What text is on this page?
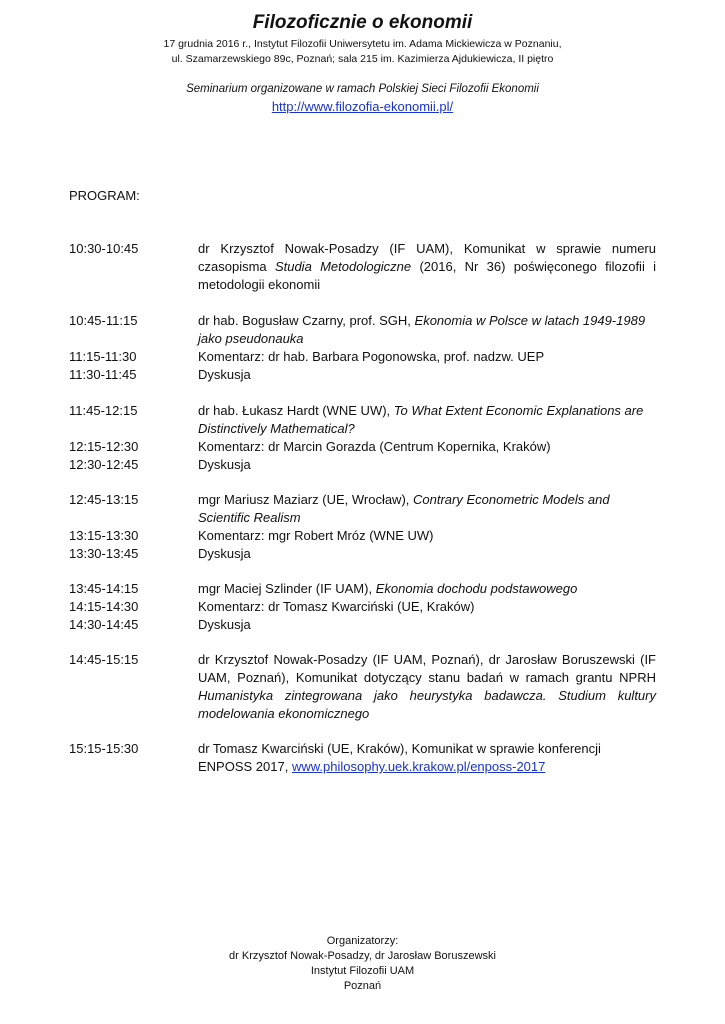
Filozoficznie o ekonomii
17 grudnia 2016 r., Instytut Filozofii Uniwersytetu im. Adama Mickiewicza w Poznaniu,
ul. Szamarzewskiego 89c, Poznań; sala 215 im. Kazimierza Ajdukiewicza, II piętro
Seminarium organizowane w ramach Polskiej Sieci Filozofii Ekonomii
http://www.filozofia-ekonomii.pl/
PROGRAM:
10:30-10:45	dr Krzysztof Nowak-Posadzy (IF UAM), Komunikat w sprawie numeru czasopisma Studia Metodologiczne (2016, Nr 36) poświęconego filozofii i metodologii ekonomii
10:45-11:15	dr hab. Bogusław Czarny, prof. SGH, Ekonomia w Polsce w latach 1949-1989 jako pseudonauka
11:15-11:30	Komentarz: dr hab. Barbara Pogonowska, prof. nadzw. UEP
11:30-11:45	Dyskusja
11:45-12:15	dr hab. Łukasz Hardt (WNE UW), To What Extent Economic Explanations are Distinctively Mathematical?
12:15-12:30	Komentarz: dr Marcin Gorazda (Centrum Kopernika, Kraków)
12:30-12:45	Dyskusja
12:45-13:15	mgr Mariusz Maziarz (UE, Wrocław), Contrary Econometric Models and Scientific Realism
13:15-13:30	Komentarz: mgr Robert Mróz (WNE UW)
13:30-13:45	Dyskusja
13:45-14:15	mgr Maciej Szlinder (IF UAM), Ekonomia dochodu podstawowego
14:15-14:30	Komentarz: dr Tomasz Kwarciński (UE, Kraków)
14:30-14:45	Dyskusja
14:45-15:15	dr Krzysztof Nowak-Posadzy (IF UAM, Poznań), dr Jarosław Boruszewski (IF UAM, Poznań), Komunikat dotyczący stanu badań w ramach grantu NPRH Humanistyka zintegrowana jako heurystyka badawcza. Studium kultury modelowania ekonomicznego
15:15-15:30	dr Tomasz Kwarciński (UE, Kraków), Komunikat w sprawie konferencji ENPOSS 2017, www.philosophy.uek.krakow.pl/enposs-2017
Organizatorzy:
dr Krzysztof Nowak-Posadzy, dr Jarosław Boruszewski
Instytut Filozofii UAM
Poznań
